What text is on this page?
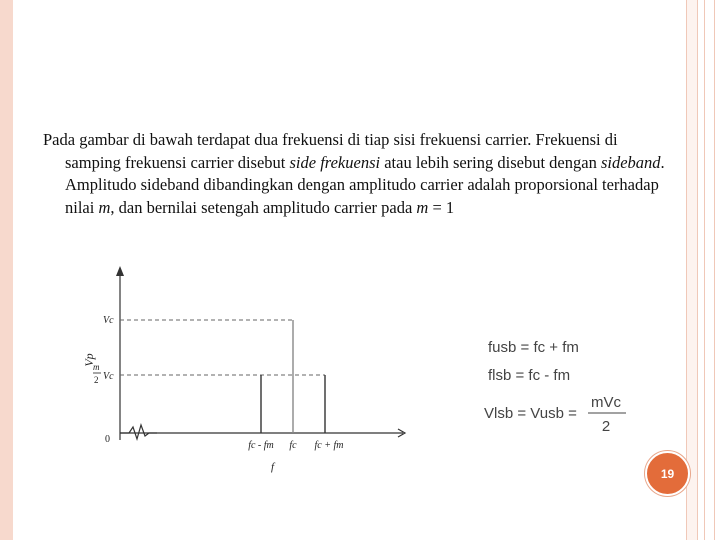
Pada gambar di bawah terdapat dua frekuensi di tiap sisi frekuensi carrier. Frekuensi di samping frekuensi carrier disebut side frekuensi atau lebih sering disebut dengan sideband. Amplitudo sideband dibandingkan dengan amplitudo carrier adalah proporsional terhadap nilai m, dan bernilai setengah amplitudo carrier pada m = 1

Vp
Vc
m
2 Vc
0
fc - fm fc fc + fm
f
fusb = fc + fm
flsb = fc - fm
Vlsb = Vusb =
mVc
2
19
